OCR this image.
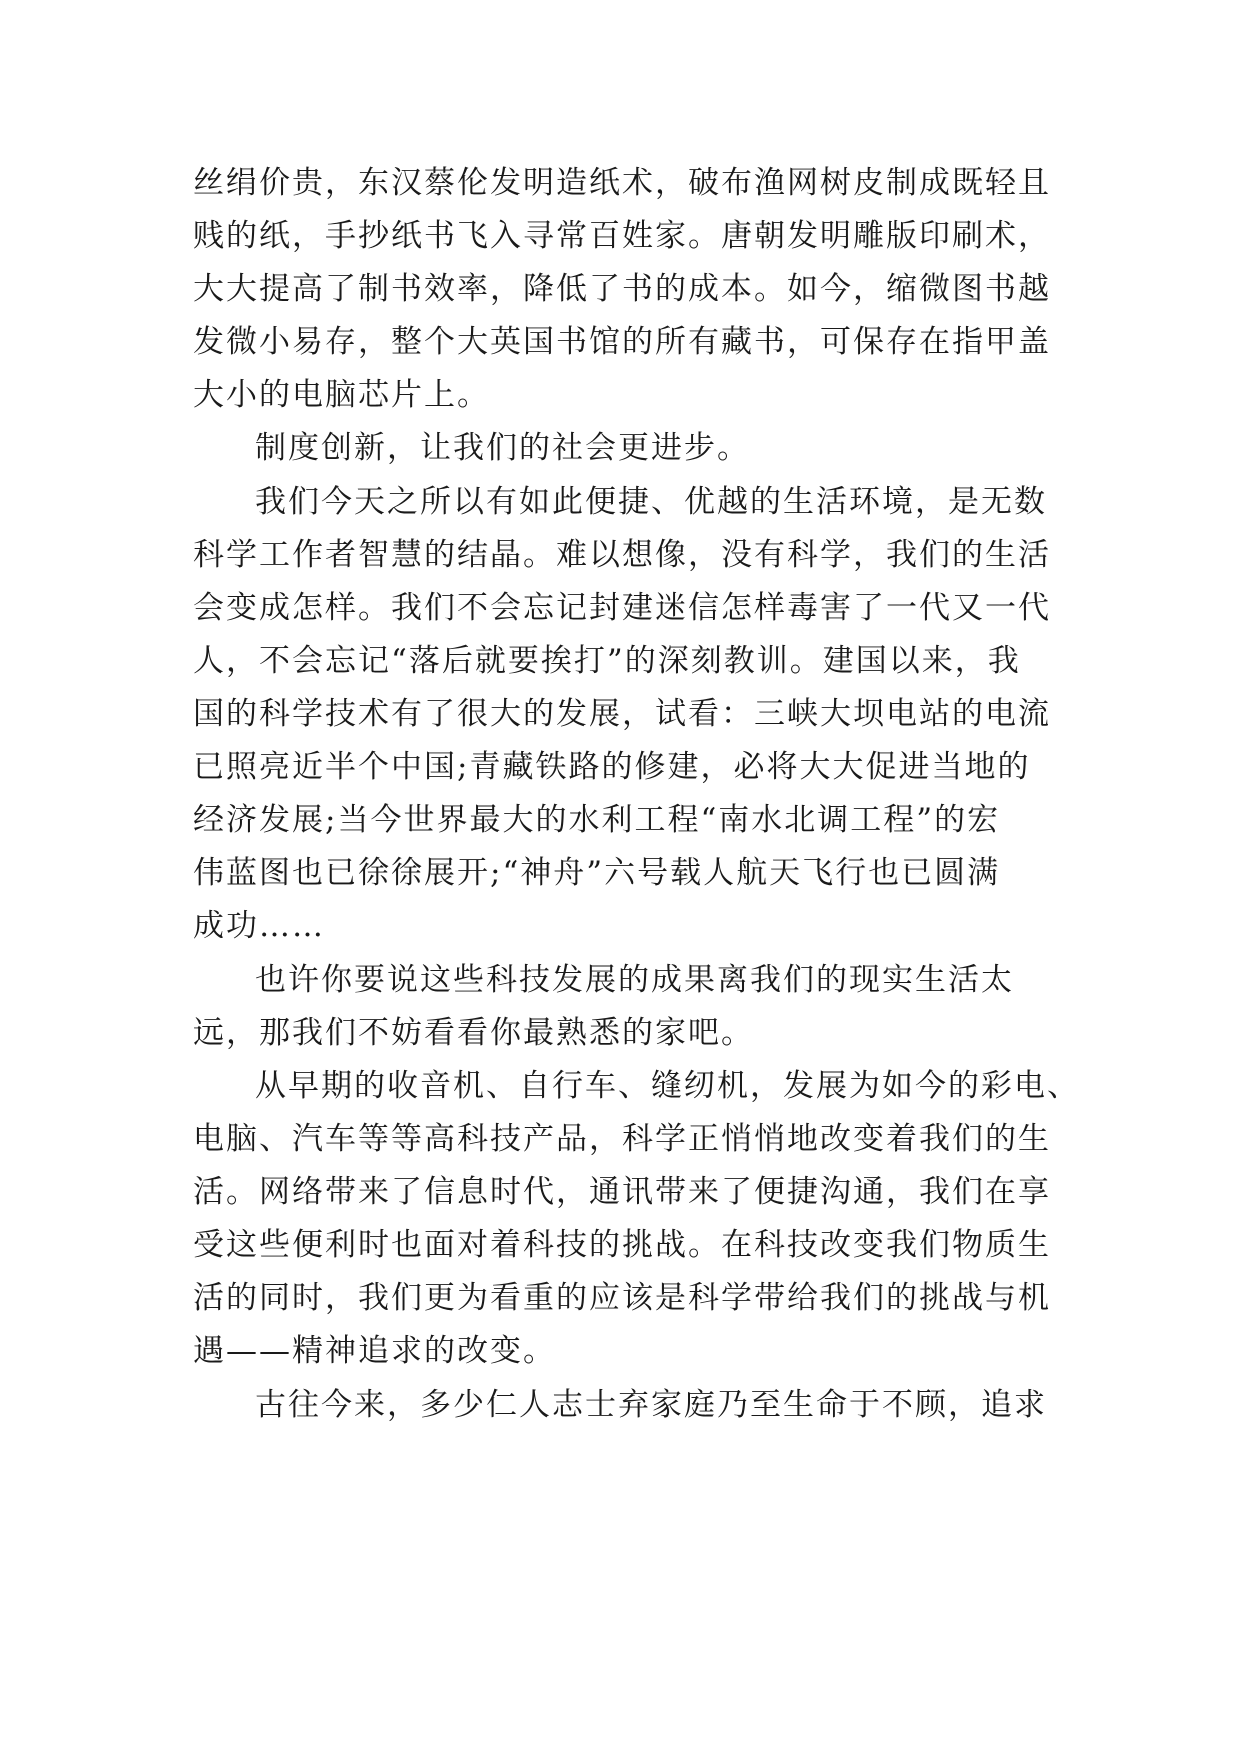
丝绢价贵，东汉蔡伦发明造纸术，破布渔网树皮制成既轻且
贱的纸，手抄纸书飞入寻常百姓家。唐朝发明雕版印刷术，
大大提高了制书效率，降低了书的成本。如今，缩微图书越
发微小易存，整个大英国书馆的所有藏书，可保存在指甲盖
大小的电脑芯片上。
制度创新，让我们的社会更进步。
我们今天之所以有如此便捷、优越的生活环境，是无数
科学工作者智慧的结晶。难以想像，没有科学，我们的生活
会变成怎样。我们不会忘记封建迷信怎样毒害了一代又一代
人，不会忘记“落后就要挨打”的深刻教训。建国以来，我
国的科学技术有了很大的发展，试看：三峡大坝电站的电流
已照亮近半个中国;青藏铁路的修建，必将大大促进当地的
经济发展;当今世界最大的水利工程“南水北调工程”的宏
伟蓝图也已徐徐展开;“神舟”六号载人航天飞行也已圆满
成功……
也许你要说这些科技发展的成果离我们的现实生活太
远，那我们不妨看看你最熟悉的家吧。
从早期的收音机、自行车、缝纫机，发展为如今的彩电、
电脑、汽车等等高科技产品，科学正悄悄地改变着我们的生
活。网络带来了信息时代，通讯带来了便捷沟通，我们在享
受这些便利时也面对着科技的挑战。在科技改变我们物质生
活的同时，我们更为看重的应该是科学带给我们的挑战与机
遇——精神追求的改变。
古往今来，多少仁人志士弃家庭乃至生命于不顾，追求
